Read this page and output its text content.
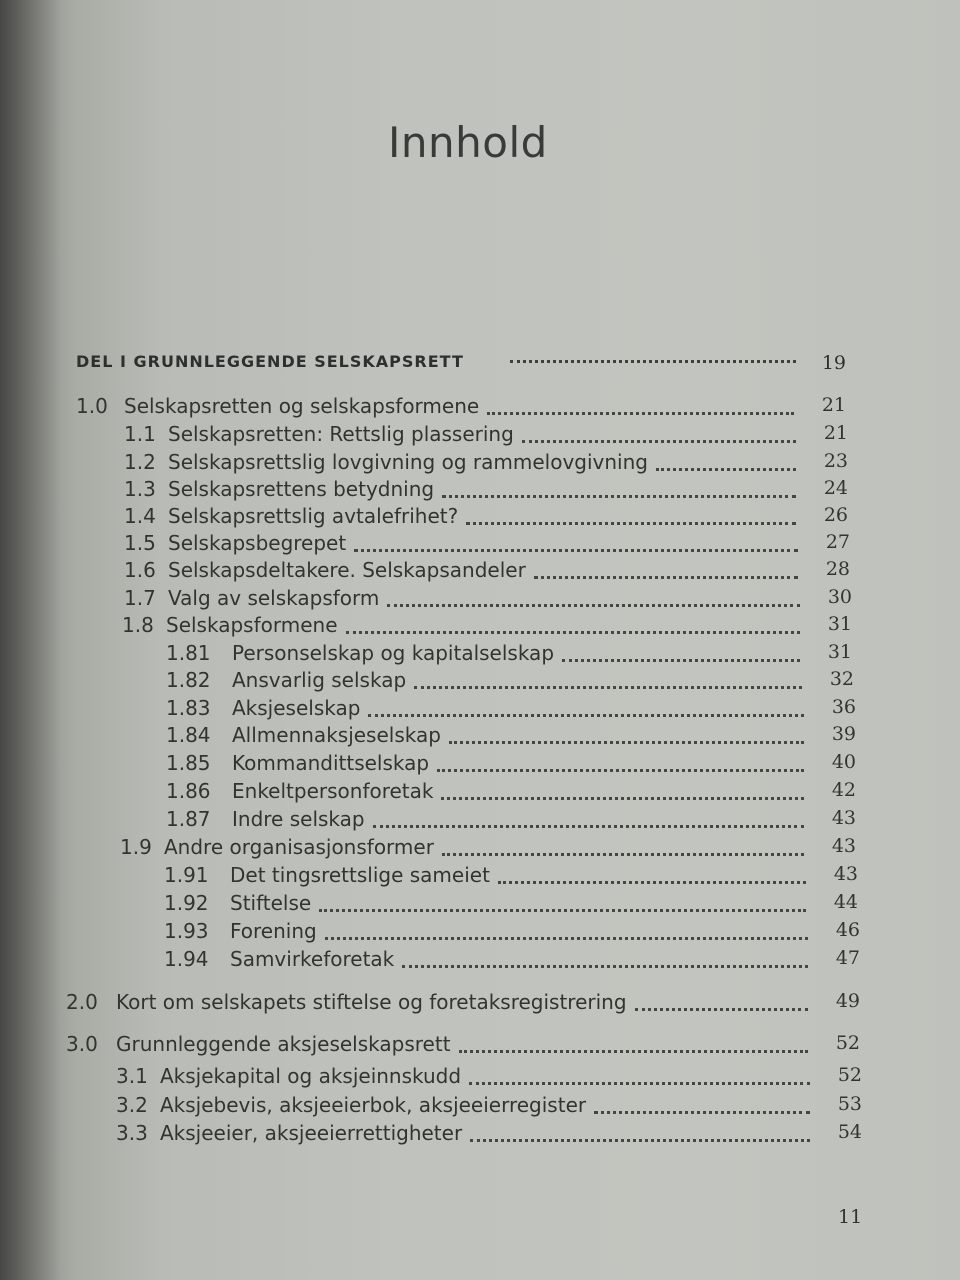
Innhold
DEL I GRUNNLEGGENDE SELSKAPSRETT	19
1.0 Selskapsretten og selskapsformene	21
1.1 Selskapsretten: Rettslig plassering	21
1.2 Selskapsrettslig lovgivning og rammelovgivning	23
1.3 Selskapsrettens betydning	24
1.4 Selskapsrettslig avtalefrihet?	26
1.5 Selskapsbegrepet	27
1.6 Selskapsdeltakere. Selskapsandeler	28
1.7 Valg av selskapsform	30
1.8 Selskapsformene	31
1.81 Personselskap og kapitalselskap	31
1.82 Ansvarlig selskap	32
1.83 Aksjeselskap	36
1.84 Allmennaksjeselskap	39
1.85 Kommandittselskap	40
1.86 Enkeltpersonforetak	42
1.87 Indre selskap	43
1.9 Andre organisasjonsformer	43
1.91 Det tingsrettslige sameiet	43
1.92 Stiftelse	44
1.93 Forening	46
1.94 Samvirkeforetak	47
2.0 Kort om selskapets stiftelse og foretaksregistrering	49
3.0 Grunnleggende aksjeselskapsrett	52
3.1 Aksjekapital og aksjeinnskudd	52
3.2 Aksjebevis, aksjeeierbok, aksjeeierregister	53
3.3 Aksjeeier, aksjeeierrettigheter	54
11
